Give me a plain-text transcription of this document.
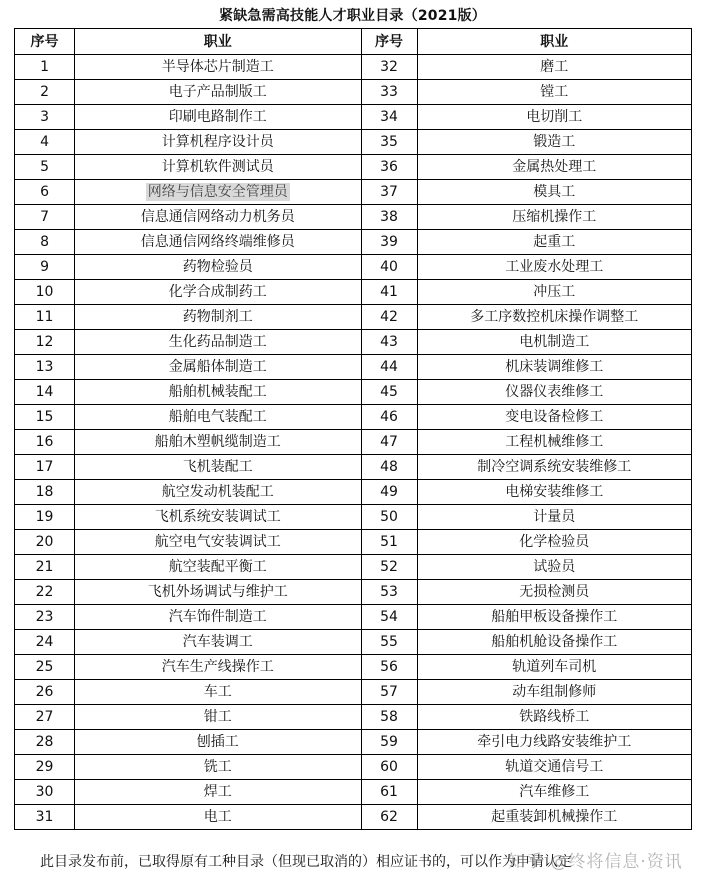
紧缺急需高技能人才职业目录（2021版）
序号	职业	序号	职业
1	半导体芯片制造工	32	磨工
2	电子产品制版工	33	镗工
3	印刷电路制作工	34	电切削工
4	计算机程序设计员	35	锻造工
5	计算机软件测试员	36	金属热处理工
6	网络与信息安全管理员	37	模具工
7	信息通信网络动力机务员	38	压缩机操作工
8	信息通信网络终端维修员	39	起重工
9	药物检验员	40	工业废水处理工
10	化学合成制药工	41	冲压工
11	药物制剂工	42	多工序数控机床操作调整工
12	生化药品制造工	43	电机制造工
13	金属船体制造工	44	机床装调维修工
14	船舶机械装配工	45	仪器仪表维修工
15	船舶电气装配工	46	变电设备检修工
16	船舶木塑帆缆制造工	47	工程机械维修工
17	飞机装配工	48	制冷空调系统安装维修工
18	航空发动机装配工	49	电梯安装维修工
19	飞机系统安装调试工	50	计量员
20	航空电气安装调试工	51	化学检验员
21	航空装配平衡工	52	试验员
22	飞机外场调试与维护工	53	无损检测员
23	汽车饰件制造工	54	船舶甲板设备操作工
24	汽车装调工	55	船舶机舱设备操作工
25	汽车生产线操作工	56	轨道列车司机
26	车工	57	动车组制修师
27	钳工	58	铁路线桥工
28	刨插工	59	牵引电力线路安装维护工
29	铣工	60	轨道交通信号工
30	焊工	61	汽车维修工
31	电工	62	起重装卸机械操作工
此目录发布前，已取得原有工种目录（但现已取消的）相应证书的，可以作为申请认定
知乎 @终将信息·资讯
